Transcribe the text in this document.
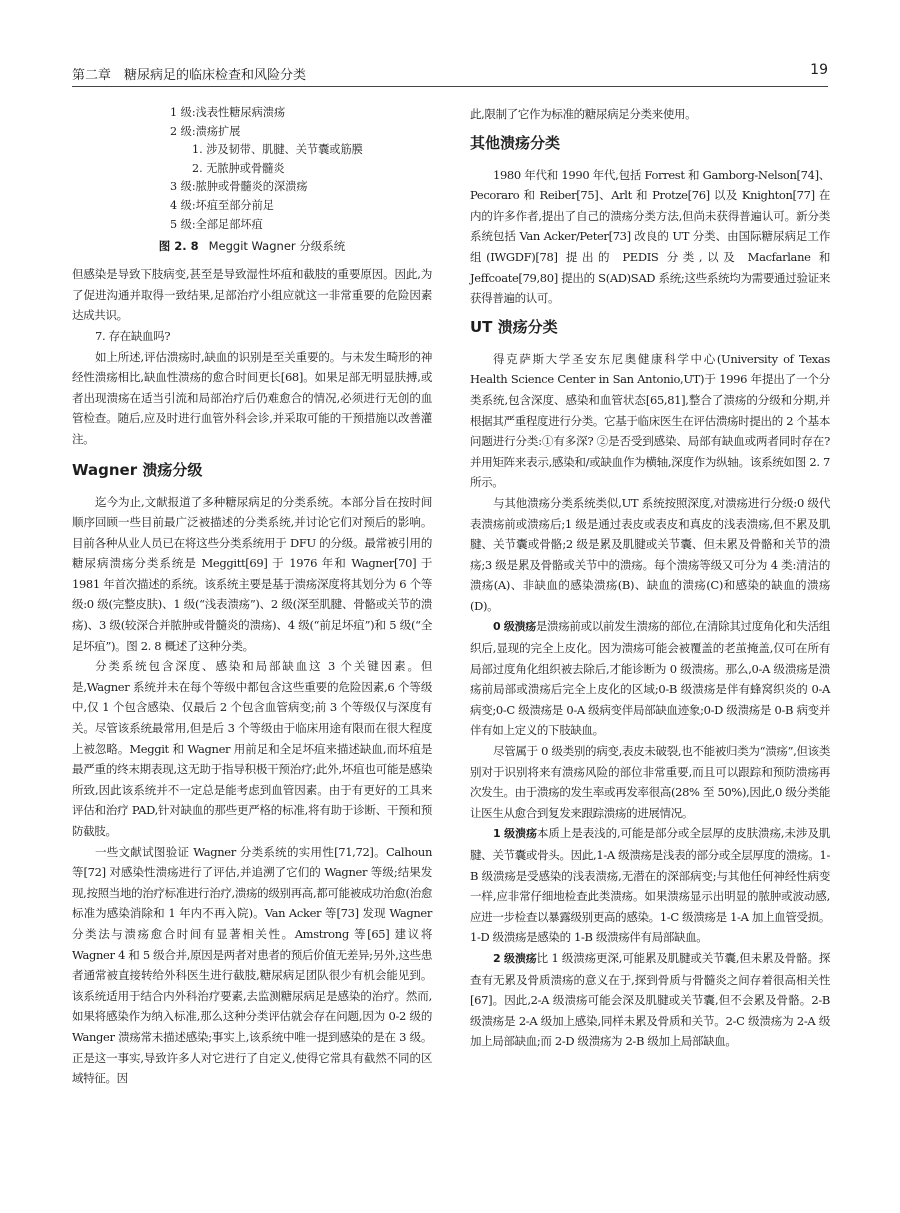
第二章　糖尿病足的临床检查和风险分类	19
1 级:浅表性糖尿病溃疡
2 级:溃疡扩展
1. 涉及韧带、肌腱、关节囊或筋膜
2. 无脓肿或骨髓炎
3 级:脓肿或骨髓炎的深溃疡
4 级:坏疽至部分前足
5 级:全部足部坏疽
图 2. 8 Meggit Wagner 分级系统

但感染是导致下肢病变,甚至是导致湿性坏疽和截肢的重要原因。因此,为了促进沟通并取得一致结果,足部治疗小组应就这一非常重要的危险因素达成共识。

7. 存在缺血吗?

如上所述,评估溃疡时,缺血的识别是至关重要的。与未发生畸形的神经性溃疡相比,缺血性溃疡的愈合时间更长[68]。如果足部无明显肤搏,或者出现溃疡在适当引流和局部治疗后仍难愈合的情况,必须进行无创的血管检查。随后,应及时进行血管外科会诊,并采取可能的干预措施以改善灌注。

Wagner 溃疡分级

迄今为止,文献报道了多种糖尿病足的分类系统。本部分旨在按时间顺序回顾一些目前最广泛被描述的分类系统,并讨论它们对预后的影响。目前各种从业人员已在将这些分类系统用于 DFU 的分级。最常被引用的糖尿病溃疡分类系统是 Meggitt[69] 于 1976 年和 Wagner[70] 于 1981 年首次描述的系统。该系统主要是基于溃疡深度将其划分为 6 个等级:0 级(完整皮肤)、1 级(“浅表溃疡”)、2 级(深至肌腱、骨骼或关节的溃疡)、3 级(较深合并脓肿或骨髓炎的溃疡)、4 级(“前足坏疽”)和 5 级(“全足坏疽”)。图 2. 8 概述了这种分类。

分类系统包含深度、感染和局部缺血这 3 个关键因素。但是,Wagner 系统并未在每个等级中都包含这些重要的危险因素,6 个等级中,仅 1 个包含感染、仅最后 2 个包含血管病变;前 3 个等级仅与深度有关。尽管该系统最常用,但是后 3 个等级由于临床用途有限而在很大程度上被忽略。Meggit 和 Wagner 用前足和全足坏疽来描述缺血,而坏疽是最严重的终末期表现,这无助于指导积极干预治疗;此外,坏疽也可能是感染所致,因此该系统并不一定总是能考虑到血管因素。由于有更好的工具来评估和治疗 PAD,针对缺血的那些更严格的标准,将有助于诊断、干预和预防截肢。

一些文献试图验证 Wagner 分类系统的实用性[71,72]。Calhoun 等[72] 对感染性溃疡进行了评估,并追溯了它们的 Wagner 等级;结果发现,按照当地的治疗标准进行治疗,溃疡的级别再高,都可能被成功治愈(治愈标准为感染消除和 1 年内不再入院)。Van Acker 等[73] 发现 Wagner 分类法与溃疡愈合时间有显著相关性。Amstrong 等[65] 建议将 Wagner 4 和 5 级合并,原因是两者对患者的预后价值无差异;另外,这些患者通常被直接转给外科医生进行截肢,糖尿病足团队很少有机会能见到。该系统适用于结合内外科治疗要素,去监测糖尿病足是感染的治疗。然而,如果将感染作为纳入标准,那么这种分类评估就会存在问题,因为 0-2 级的 Wanger 溃疡常未描述感染;事实上,该系统中唯一提到感染的是在 3 级。正是这一事实,导致许多人对它进行了自定义,使得它常具有截然不同的区域特征。因

此,限制了它作为标准的糖尿病足分类来使用。

其他溃疡分类

1980 年代和 1990 年代,包括 Forrest 和 Gamborg-Nelson[74]、Pecoraro 和 Reiber[75]、Arlt 和 Protze[76] 以及 Knighton[77] 在内的许多作者,提出了自己的溃疡分类方法,但尚未获得普遍认可。新分类系统包括 Van Acker/Peter[73] 改良的 UT 分类、由国际糖尿病足工作组(IWGDF)[78] 提出的 PEDIS 分类,以及 Macfarlane 和 Jeffcoate[79,80] 提出的 S(AD)SAD 系统;这些系统均为需要通过验证来获得普遍的认可。

UT 溃疡分类

得克萨斯大学圣安东尼奥健康科学中心(University of Texas Health Science Center in San Antonio,UT)于 1996 年提出了一个分类系统,包含深度、感染和血管状态[65,81],整合了溃疡的分级和分期,并根据其严重程度进行分类。它基于临床医生在评估溃疡时提出的 2 个基本问题进行分类:①有多深? ②是否受到感染、局部有缺血或两者同时存在? 并用矩阵来表示,感染和/或缺血作为横轴,深度作为纵轴。该系统如图 2. 7 所示。

与其他溃疡分类系统类似,UT 系统按照深度,对溃疡进行分级:0 级代表溃疡前或溃疡后;1 级是通过表皮或表皮和真皮的浅表溃疡,但不累及肌腱、关节囊或骨骼;2 级是累及肌腱或关节囊、但未累及骨骼和关节的溃疡;3 级是累及骨骼或关节中的溃疡。每个溃疡等级又可分为 4 类:清洁的溃疡(A)、非缺血的感染溃疡(B)、缺血的溃疡(C)和感染的缺血的溃疡(D)。

0 级溃疡是溃疡前或以前发生溃疡的部位,在清除其过度角化和失活组织后,显现的完全上皮化。因为溃疡可能会被覆盖的老茧掩盖,仅可在所有局部过度角化组织被去除后,才能诊断为 0 级溃疡。那么,0-A 级溃疡是溃疡前局部或溃疡后完全上皮化的区域;0-B 级溃疡是伴有蜂窝织炎的 0-A 病变;0-C 级溃疡是 0-A 级病变伴局部缺血迹象;0-D 级溃疡是 0-B 病变并伴有如上定义的下肢缺血。

尽管属于 0 级类别的病变,表皮未破裂,也不能被归类为“溃疡”,但该类别对于识别将来有溃疡风险的部位非常重要,而且可以跟踪和预防溃疡再次发生。由于溃疡的发生率或再发率很高(28% 至 50%),因此,0 级分类能让医生从愈合到复发来跟踪溃疡的进展情况。

1 级溃疡本质上是表浅的,可能是部分或全层厚的皮肤溃疡,未涉及肌腱、关节囊或骨头。因此,1-A 级溃疡是浅表的部分或全层厚度的溃疡。1-B 级溃疡是受感染的浅表溃疡,无潜在的深部病变;与其他任何神经性病变一样,应非常仔细地检查此类溃疡。如果溃疡显示出明显的脓肿或波动感,应进一步检查以暴露级别更高的感染。1-C 级溃疡是 1-A 加上血管受损。1-D 级溃疡是感染的 1-B 级溃疡伴有局部缺血。

2 级溃疡比 1 级溃疡更深,可能累及肌腱或关节囊,但未累及骨骼。探查有无累及骨质溃疡的意义在于,探到骨质与骨髓炎之间存着很高相关性[67]。因此,2-A 级溃疡可能会深及肌腱或关节囊,但不会累及骨骼。2-B 级溃疡是 2-A 级加上感染,同样未累及骨质和关节。2-C 级溃疡为 2-A 级加上局部缺血;而 2-D 级溃疡为 2-B 级加上局部缺血。
